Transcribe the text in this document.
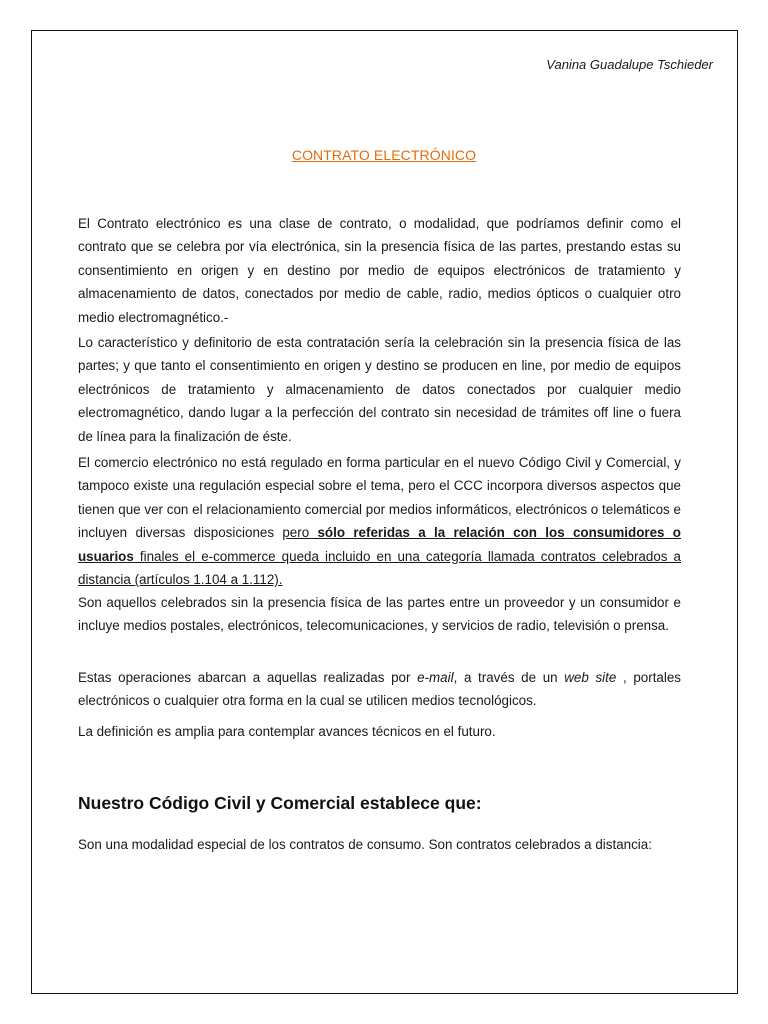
Vanina Guadalupe Tschieder
CONTRATO ELECTRÓNICO

El Contrato electrónico es una clase de contrato, o modalidad, que podríamos definir como el contrato que se celebra por vía electrónica, sin la presencia física de las partes, prestando estas su consentimiento en origen y en destino por medio de equipos electrónicos de tratamiento y almacenamiento de datos, conectados por medio de cable, radio, medios ópticos o cualquier otro medio electromagnético.-

Lo característico y definitorio de esta contratación sería la celebración sin la presencia física de las partes; y que tanto el consentimiento en origen y destino se producen en line, por medio de equipos electrónicos de tratamiento y almacenamiento de datos conectados por cualquier medio electromagnético, dando lugar a la perfección del contrato sin necesidad de trámites off line o fuera de línea para la finalización de éste.

El comercio electrónico no está regulado en forma particular en el nuevo Código Civil y Comercial, y tampoco existe una regulación especial sobre el tema, pero el CCC incorpora diversos aspectos que tienen que ver con el relacionamiento comercial por medios informáticos, electrónicos o telemáticos e incluyen diversas disposiciones pero sólo referidas a la relación con los consumidores o usuarios finales el e-commerce queda incluido en una categoría llamada contratos celebrados a distancia (artículos 1.104 a 1.112).

Son aquellos celebrados sin la presencia física de las partes entre un proveedor y un consumidor e incluye medios postales, electrónicos, telecomunicaciones, y servicios de radio, televisión o prensa.

Estas operaciones abarcan a aquellas realizadas por e-mail, a través de un web site , portales electrónicos o cualquier otra forma en la cual se utilicen medios tecnológicos.

La definición es amplia para contemplar avances técnicos en el futuro.

Nuestro Código Civil y Comercial establece que:

Son una modalidad especial de los contratos de consumo. Son contratos celebrados a distancia:
